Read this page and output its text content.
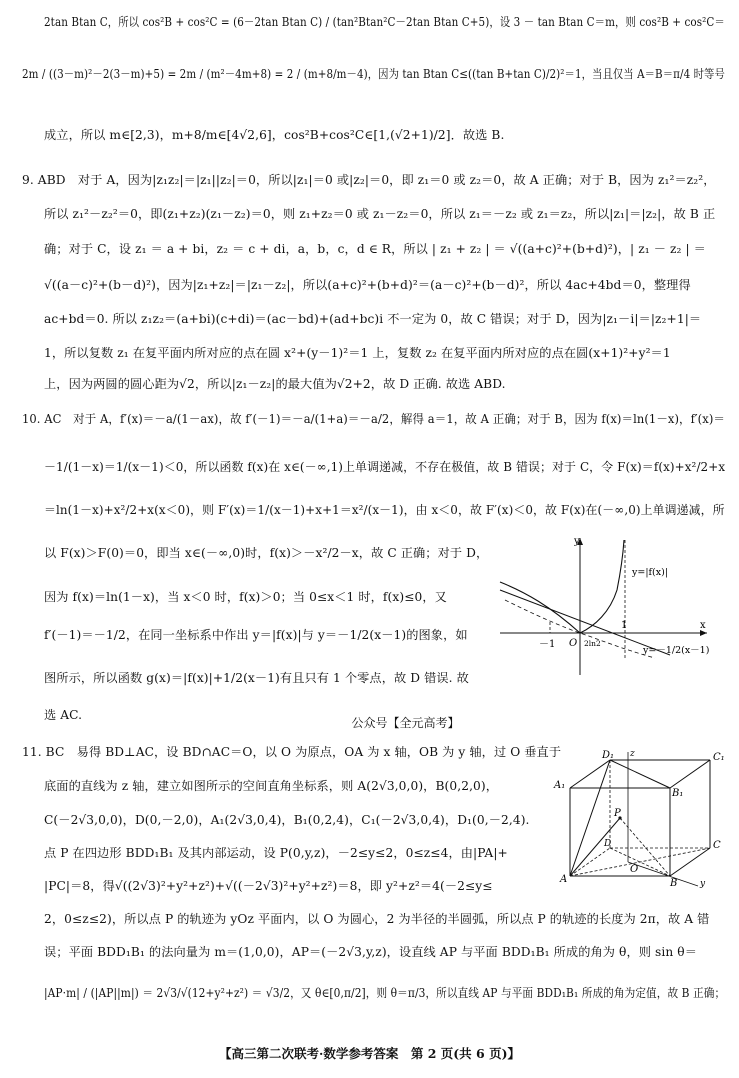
2tan Btan C，所以 cos²B + cos²C = (6－2tan Btan C) / (tan²Btan²C－2tan Btan C+5)，设 3 － tan Btan C＝m，则 cos²B + cos²C＝
2m / ((3－m)²－2(3－m)+5) = 2m / (m²－4m+8) = 2 / (m+8/m－4)，因为 tan Btan C≤((tan B+tan C)/2)²＝1，当且仅当 A＝B＝π/4 时等号
成立，所以 m∈[2,3)，m+8/m∈[4√2,6]，cos²B+cos²C∈[1,(√2+1)/2]．故选 B.
9. ABD　对于 A，因为|z₁z₂|＝|z₁||z₂|＝0，所以|z₁|＝0 或|z₂|＝0，即 z₁＝0 或 z₂＝0，故 A 正确；对于 B，因为 z₁²＝z₂²，
所以 z₁²－z₂²＝0，即(z₁+z₂)(z₁－z₂)＝0，则 z₁+z₂＝0 或 z₁－z₂＝0，所以 z₁＝－z₂ 或 z₁＝z₂，所以|z₁|＝|z₂|，故 B 正
确；对于 C，设 z₁ ＝ a + bi，z₂ ＝ c + di，a，b，c，d ∈ R，所以 | z₁ + z₂ | ＝ √((a+c)²+(b+d)²)，| z₁ － z₂ | ＝
√((a－c)²+(b－d)²)，因为|z₁+z₂|＝|z₁－z₂|，所以(a+c)²+(b+d)²＝(a－c)²+(b－d)²，所以 4ac+4bd＝0，整理得
ac+bd＝0. 所以 z₁z₂＝(a+bi)(c+di)＝(ac－bd)+(ad+bc)i 不一定为 0，故 C 错误；对于 D，因为|z₁－i|＝|z₂+1|＝
1，所以复数 z₁ 在复平面内所对应的点在圆 x²+(y－1)²＝1 上，复数 z₂ 在复平面内所对应的点在圆(x+1)²+y²＝1
上，因为两圆的圆心距为√2，所以|z₁－z₂|的最大值为√2+2，故 D 正确. 故选 ABD.
10. AC　对于 A，f′(x)＝－a/(1－ax)，故 f′(－1)＝－a/(1+a)＝－a/2，解得 a＝1，故 A 正确；对于 B，因为 f(x)＝ln(1－x)，f′(x)＝
－1/(1－x)＝1/(x－1)＜0，所以函数 f(x)在 x∈(－∞,1)上单调递减，不存在极值，故 B 错误；对于 C，令 F(x)＝f(x)+x²/2+x
＝ln(1－x)+x²/2+x(x＜0)，则 F′(x)＝1/(x－1)+x+1＝x²/(x－1)，由 x＜0，故 F′(x)＜0，故 F(x)在(－∞,0)上单调递减，所
以 F(x)＞F(0)＝0，即当 x∈(－∞,0)时，f(x)＞－x²/2－x，故 C 正确；对于 D，
因为 f(x)＝ln(1－x)，当 x＜0 时，f(x)＞0；当 0≤x＜1 时，f(x)≤0，又
f′(－1)＝－1/2，在同一坐标系中作出 y＝|f(x)|与 y＝－1/2(x－1)的图象，如
图所示，所以函数 g(x)＝|f(x)|+1/2(x－1)有且只有 1 个零点，故 D 错误. 故
选 AC.
公众号【全元高考】
11. BC　易得 BD⊥AC，设 BD∩AC＝O，以 O 为原点，OA 为 x 轴，OB 为 y 轴，过 O 垂直于
底面的直线为 z 轴，建立如图所示的空间直角坐标系，则 A(2√3,0,0)，B(0,2,0)，
C(－2√3,0,0)，D(0,－2,0)，A₁(2√3,0,4)，B₁(0,2,4)，C₁(－2√3,0,4)，D₁(0,－2,4).
点 P 在四边形 BDD₁B₁ 及其内部运动，设 P(0,y,z)，－2≤y≤2，0≤z≤4，由|PA|+
|PC|＝8，得√((2√3)²+y²+z²)+√((－2√3)²+y²+z²)＝8，即 y²+z²＝4(－2≤y≤
2，0≤z≤2)，所以点 P 的轨迹为 yOz 平面内，以 O 为圆心，2 为半径的半圆弧，所以点 P 的轨迹的长度为 2π，故 A 错
误；平面 BDD₁B₁ 的法向量为 m＝(1,0,0)，AP＝(－2√3,y,z)，设直线 AP 与平面 BDD₁B₁ 所成的角为 θ，则 sin θ＝
|AP·m| / (|AP||m|) ＝ 2√3/√(12+y²+z²) ＝ √3/2，又 θ∈[0,π/2]，则 θ＝π/3，所以直线 AP 与平面 BDD₁B₁ 所成的角为定值，故 B 正确；
【高三第二次联考·数学参考答案　第 2 页(共 6 页)】
y
x
y=|f(x)|
y=－1/2(x－1)
－1
1
O 2ln2
D₁	C₁
A₁
B₁
z
P
D	C
O
A	B	y
